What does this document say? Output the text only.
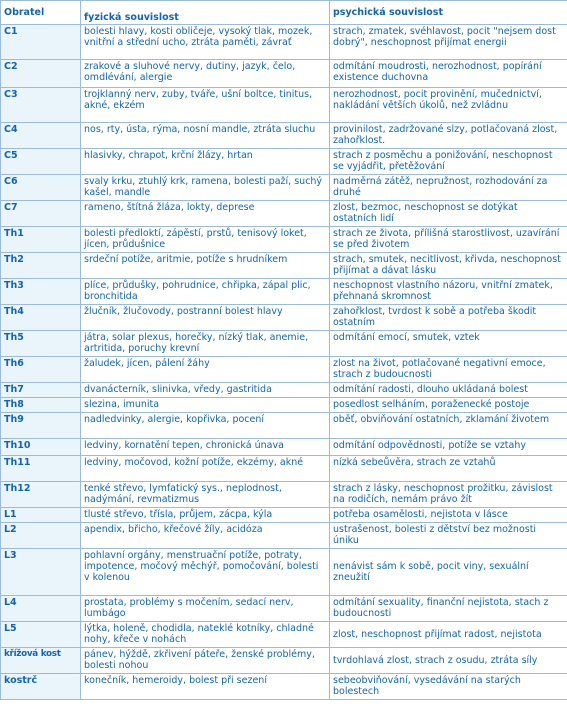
Obratel	fyzická souvislost	psychická souvislost
C1	bolesti hlavy, kosti obličeje, vysoký tlak, mozek, vnitřní a střední ucho, ztráta paměti, závrať	strach, zmatek, svéhlavost, pocit "nejsem dost dobrý", neschopnost přijímat energii
C2	zrakové a sluhové nervy, dutiny, jazyk, čelo, omdlévání, alergie	odmítání moudrosti, nerozhodnost, popírání existence duchovna
C3	trojklanný nerv, zuby, tváře, ušní boltce, tinitus, akné, ekzém	nerozhodnost, pocit provinění, mučednictví, nakládání větších úkolů, než zvládnu
C4	nos, rty, ústa, rýma, nosní mandle, ztráta sluchu	provinilost, zadržované slzy, potlačovaná zlost, zahořklost.
C5	hlasivky, chrapot, krční žlázy, hrtan	strach z posměchu a ponižování, neschopnost se vyjádřit, přetěžování
C6	svaly krku, ztuhlý krk, ramena, bolesti paží, suchý kašel, mandle	nadměrná zátěž, nepružnost, rozhodování za druhé
C7	rameno, štítná žláza, lokty, deprese	zlost, bezmoc, neschopnost se dotýkat ostatních lidí
Th1	bolesti předloktí, zápěstí, prstů, tenisový loket, jícen, průdušnice	strach ze života, přílišná starostlivost, uzavírání se před životem
Th2	srdeční potíže, aritmie, potíže s hrudníkem	strach, smutek, necitlivost, křivda, neschopnost přijímat a dávat lásku
Th3	plíce, průdušky, pohrudnice, chřipka, zápal plic, bronchitida	neschopnost vlastního názoru, vnitřní zmatek, přehnaná skromnost
Th4	žlučník, žlučovody, postranní bolest hlavy	zahořklost, tvrdost k sobě a potřeba škodit ostatním
Th5	játra, solar plexus, horečky, nízký tlak, anemie, artritida, poruchy krevní	odmítání emocí, smutek, vztek
Th6	žaludek, jícen, pálení žáhy	zlost na život, potlačované negativní emoce, strach z budoucnosti
Th7	dvanácterník, slinivka, vředy, gastritida	odmítání radosti, dlouho ukládaná bolest
Th8	slezina, imunita	posedlost selháním, poraženecké postoje
Th9	nadledvinky, alergie, kopřivka, pocení	oběť, obviňování ostatních, zklamání životem
Th10	ledviny, kornatění tepen, chronická únava	odmítání odpovědnosti, potíže se vztahy
Th11	ledviny, močovod, kožní potíže, ekzémy, akné	nízká sebeůvěra, strach ze vztahů
Th12	tenké střevo, lymfatický sys., neplodnost, nadýmání, revmatizmus	strach z lásky, neschopnost prožitku, závislost na rodičích, nemám právo žít
L1	tlusté střevo, tříslа, průjem, zácpa, kýla	potřeba osamělosti, nejistota v lásce
L2	apendix, břicho, křečové žíly, acidóza	ustrašenost, bolesti z dětství bez možnosti úniku
L3	pohlavní orgány, menstruační potíže, potraty, impotence, močový měchýř, pomočování, bolesti v kolenou	nenávist sám k sobě, pocit viny, sexuální zneužití
L4	prostata, problémy s močením, sedací nerv, lumbágo	odmítání sexuality, finanční nejistota, stach z budoucnosti
L5	lýtka, holeně, chodidla, nateklé kotníky, chladné nohy, křeče v nohách	zlost, neschopnost přijímat radost, nejistota
křížová kost	pánev, hýždě, zkřivení páteře, ženské problémy, bolesti nohou	tvrdohlavá zlost, strach z osudu, ztráta síly
kostrč	konečník, hemeroidy, bolest při sezení	sebeobviňování, vysedávání na starých bolestech
